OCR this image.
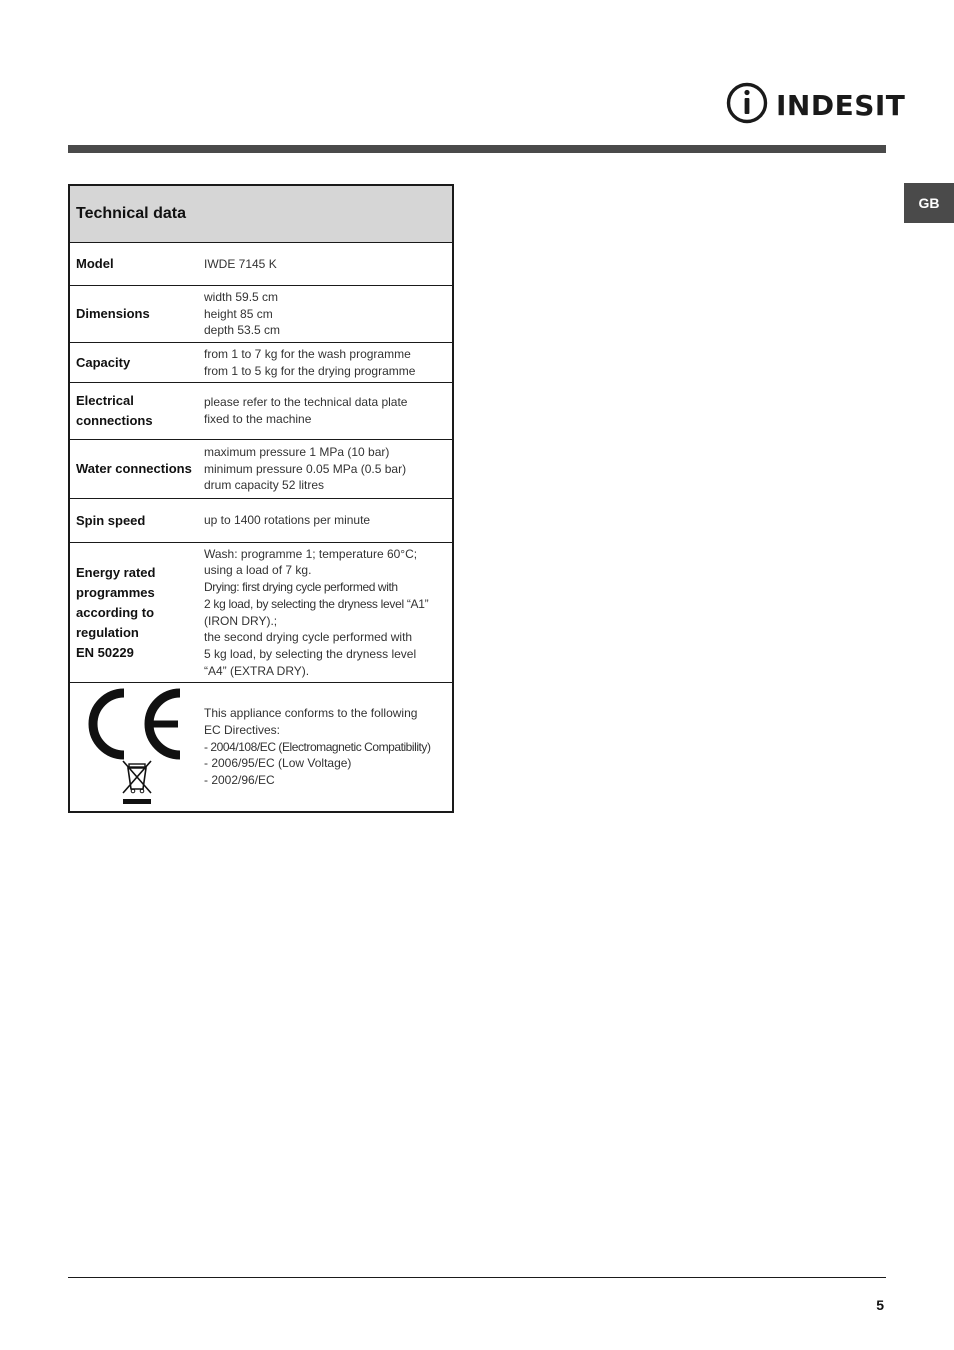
INDESIT
GB
Technical data
Model	IWDE 7145 K
Dimensions
width 59.5 cm
height 85 cm
depth 53.5 cm
Capacity
from 1 to 7 kg for the wash programme
from 1 to 5 kg for the drying programme
Electrical
connections
please refer to the technical data plate
fixed to the machine
Water connections
maximum pressure 1 MPa (10 bar)
minimum pressure 0.05 MPa (0.5 bar)
drum capacity 52 litres
Spin speed	up to 1400 rotations per minute
Energy rated
programmes
according to
regulation
EN 50229
Wash: programme 1; temperature 60°C;
using a load of 7 kg.
Drying: first drying cycle performed with
2 kg load, by selecting the dryness level “A1”
(IRON DRY).;
the second drying cycle performed with
5 kg load, by selecting the dryness level
“A4” (EXTRA DRY).
This appliance conforms to the following
EC Directives:
- 2004/108/EC (Electromagnetic Compatibility)
- 2006/95/EC (Low Voltage)
- 2002/96/EC
5
